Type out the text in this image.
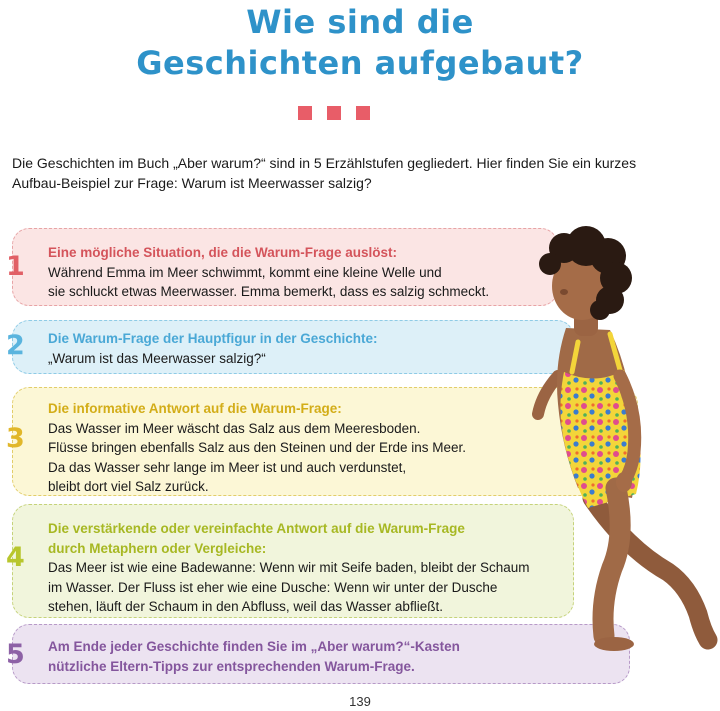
Wie sind die
Geschichten aufgebaut?

Die Geschichten im Buch „Aber warum?“ sind in 5 Erzählstufen gegliedert. Hier finden Sie ein kurzes
Aufbau-Beispiel zur Frage: Warum ist Meerwasser salzig?

1 Eine mögliche Situation, die die Warum-Frage auslöst:
Während Emma im Meer schwimmt, kommt eine kleine Welle und
sie schluckt etwas Meerwasser. Emma bemerkt, dass es salzig schmeckt.
2 Die Warum-Frage der Hauptfigur in der Geschichte:
„Warum ist das Meerwasser salzig?“
3
Die informative Antwort auf die Warum-Frage:
Das Wasser im Meer wäscht das Salz aus dem Meeresboden.
Flüsse bringen ebenfalls Salz aus den Steinen und der Erde ins Meer.
Da das Wasser sehr lange im Meer ist und auch verdunstet,
bleibt dort viel Salz zurück.
4
Die verstärkende oder vereinfachte Antwort auf die Warum-Frage
durch Metaphern oder Vergleiche:
Das Meer ist wie eine Badewanne: Wenn wir mit Seife baden, bleibt der Schaum
im Wasser. Der Fluss ist eher wie eine Dusche: Wenn wir unter der Dusche
stehen, läuft der Schaum in den Abfluss, weil das Wasser abfließt.
5 Am Ende jeder Geschichte finden Sie im „Aber warum?“-Kasten
nützliche Eltern-Tipps zur entsprechenden Warum-Frage.
139
